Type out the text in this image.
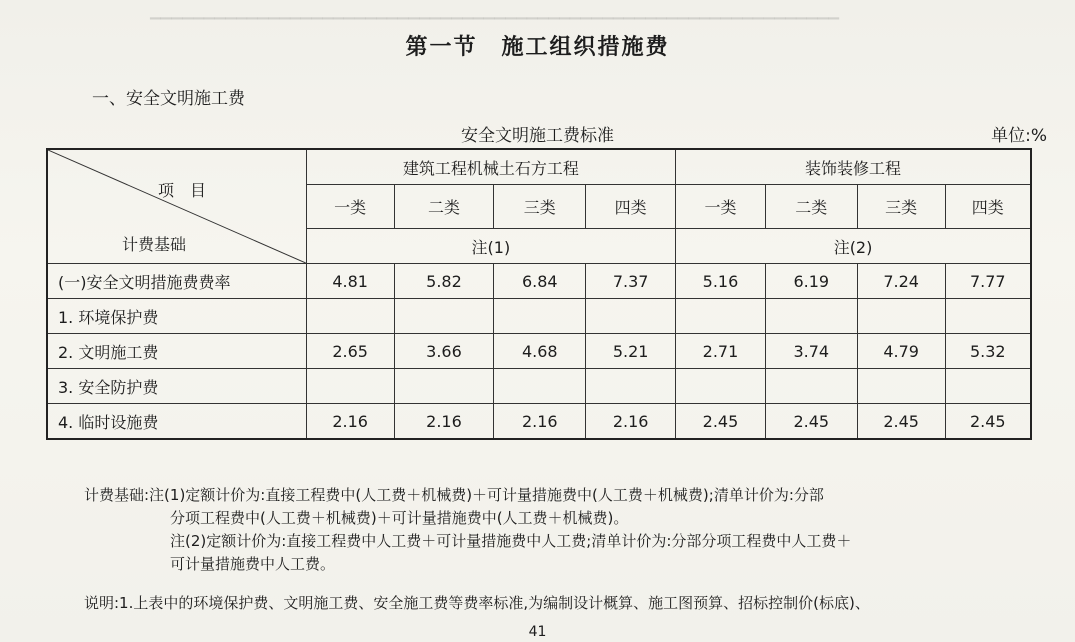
▁▁▁▁▁▁▁▁▁▁▁▁▁▁▁▁▁▁▁▁▁▁▁▁▁▁▁▁▁▁▁▁▁▁▁▁▁▁▁▁▁▁▁▁▁▁▁▁▁▁▁▁▁▁▁▁▁▁▁▁▁▁▁▁
第一节　施工组织措施费
一、安全文明施工费
安全文明施工费标准	单位:%
项　目
计费基础	建筑工程机械土石方工程				装饰装修工程			
	一类	二类	三类	四类	一类	二类	三类	四类
	注(1)				注(2)			
(一)安全文明措施费费率	4.81	5.82	6.84	7.37	5.16	6.19	7.24	7.77
1. 环境保护费								
2. 文明施工费	2.65	3.66	4.68	5.21	2.71	3.74	4.79	5.32
3. 安全防护费								
4. 临时设施费	2.16	2.16	2.16	2.16	2.45	2.45	2.45	2.45
计费基础:注(1)定额计价为:直接工程费中(人工费＋机械费)＋可计量措施费中(人工费＋机械费);清单计价为:分部
分项工程费中(人工费＋机械费)＋可计量措施费中(人工费＋机械费)。
注(2)定额计价为:直接工程费中人工费＋可计量措施费中人工费;清单计价为:分部分项工程费中人工费＋
可计量措施费中人工费。
说明:1.上表中的环境保护费、文明施工费、安全施工费等费率标准,为编制设计概算、施工图预算、招标控制价(标底)、
41
